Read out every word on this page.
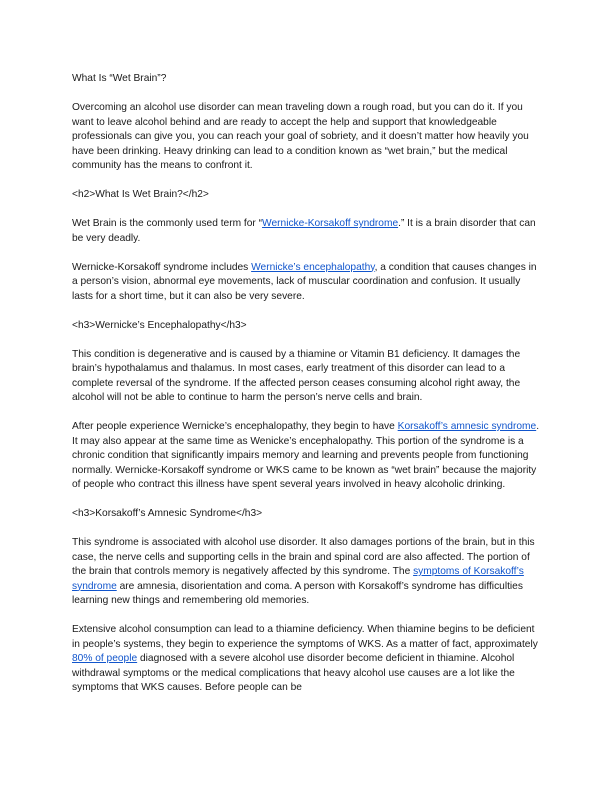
What Is “Wet Brain”?

Overcoming an alcohol use disorder can mean traveling down a rough road, but you can do it. If you want to leave alcohol behind and are ready to accept the help and support that knowledgeable professionals can give you, you can reach your goal of sobriety, and it doesn’t matter how heavily you have been drinking. Heavy drinking can lead to a condition known as “wet brain,” but the medical community has the means to confront it.

<h2>What Is Wet Brain?</h2>

Wet Brain is the commonly used term for “Wernicke-Korsakoff syndrome.” It is a brain disorder that can be very deadly.

Wernicke-Korsakoff syndrome includes Wernicke’s encephalopathy, a condition that causes changes in a person’s vision, abnormal eye movements, lack of muscular coordination and confusion. It usually lasts for a short time, but it can also be very severe.

<h3>Wernicke’s Encephalopathy</h3>

This condition is degenerative and is caused by a thiamine or Vitamin B1 deficiency. It damages the brain’s hypothalamus and thalamus. In most cases, early treatment of this disorder can lead to a complete reversal of the syndrome. If the affected person ceases consuming alcohol right away, the alcohol will not be able to continue to harm the person’s nerve cells and brain.

After people experience Wernicke’s encephalopathy, they begin to have Korsakoff’s amnesic syndrome. It may also appear at the same time as Wenicke’s encephalopathy. This portion of the syndrome is a chronic condition that significantly impairs memory and learning and prevents people from functioning normally. Wernicke-Korsakoff syndrome or WKS came to be known as “wet brain” because the majority of people who contract this illness have spent several years involved in heavy alcoholic drinking.

<h3>Korsakoff’s Amnesic Syndrome</h3>

This syndrome is associated with alcohol use disorder. It also damages portions of the brain, but in this case, the nerve cells and supporting cells in the brain and spinal cord are also affected. The portion of the brain that controls memory is negatively affected by this syndrome. The symptoms of Korsakoff’s syndrome are amnesia, disorientation and coma. A person with Korsakoff’s syndrome has difficulties learning new things and remembering old memories.

Extensive alcohol consumption can lead to a thiamine deficiency. When thiamine begins to be deficient in people’s systems, they begin to experience the symptoms of WKS. As a matter of fact, approximately 80% of people diagnosed with a severe alcohol use disorder become deficient in thiamine. Alcohol withdrawal symptoms or the medical complications that heavy alcohol use causes are a lot like the symptoms that WKS causes. Before people can be
